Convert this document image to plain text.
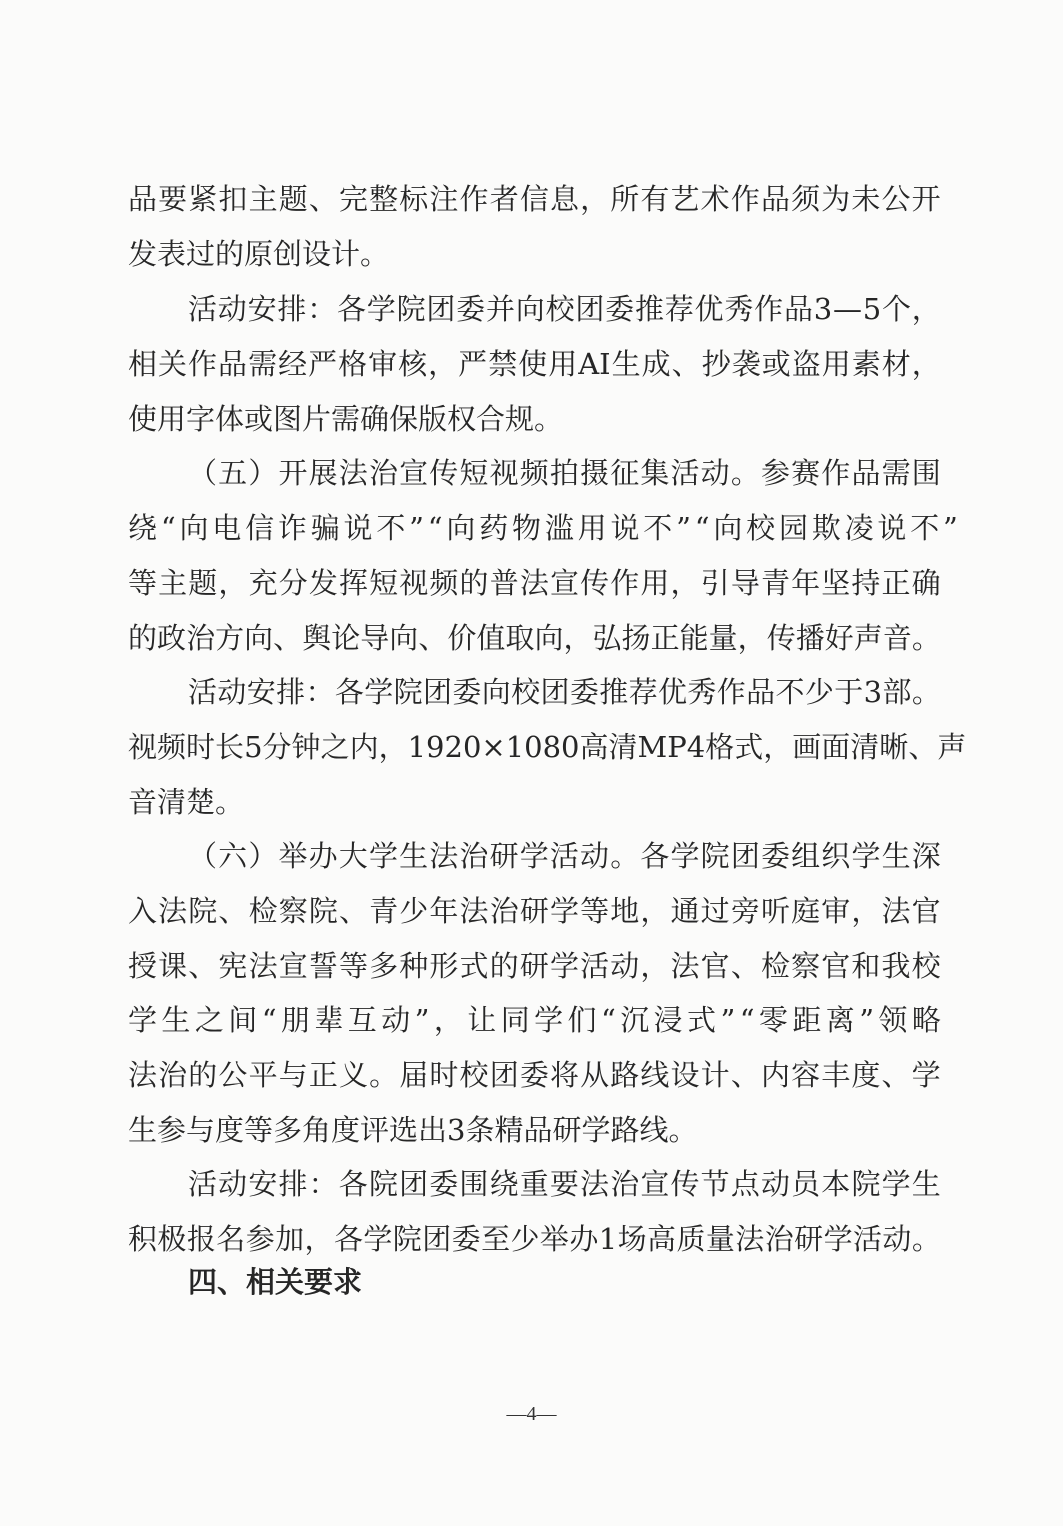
品 要 紧 扣 主 题 、 完 整 标 注 作 者 信 息 ， 所 有 艺 术 作 品 须 为 未 公 开
发表过的原创设计。
活 动 安 排 ： 各 学 院 团 委 并 向 校 团 委 推 荐 优 秀 作 品 3 — 5 个 ，
相 关 作 品 需 经 严 格 审 核 ， 严 禁 使 用 AI 生 成 、 抄 袭 或 盗 用 素 材 ，
使用字体或图片需确保版权合规。
（ 五 ） 开 展 法 治 宣 传 短 视 频 拍 摄 征 集 活 动 。 参 赛 作 品 需 围
绕 “ 向 电 信 诈 骗 说 不 ” “ 向 药 物 滥 用 说 不 ” “ 向 校 园 欺 凌 说 不 ”
等 主 题 ， 充 分 发 挥 短 视 频 的 普 法 宣 传 作 用 ， 引 导 青 年 坚 持 正 确
的 政 治 方 向 、 舆 论 导 向 、 价 值 取 向 ， 弘 扬 正 能 量 ， 传 播 好 声 音 。
活 动 安 排 ： 各 学 院 团 委 向 校 团 委 推 荐 优 秀 作 品 不 少 于 3 部 。
视 频 时 长 5 分 钟 之 内 ， 1920×1080 高 清 MP4 格 式 ， 画 面 清 晰 、 声
音清楚。
（ 六 ） 举 办 大 学 生 法 治 研 学 活 动 。 各 学 院 团 委 组 织 学 生 深
入 法 院 、 检 察 院 、 青 少 年 法 治 研 学 等 地 ， 通 过 旁 听 庭 审 ， 法 官
授 课 、 宪 法 宣 誓 等 多 种 形 式 的 研 学 活 动 ， 法 官 、 检 察 官 和 我 校
学 生 之 间 “ 朋 辈 互 动 ” ， 让 同 学 们 “ 沉 浸 式 ” “ 零 距 离 ” 领 略
法 治 的 公 平 与 正 义 。 届 时 校 团 委 将 从 路 线 设 计 、 内 容 丰 度 、 学
生参与度等多角度评选出3条精品研学路线。
活 动 安 排 ： 各 院 团 委 围 绕 重 要 法 治 宣 传 节 点 动 员 本 院 学 生
积 极 报 名 参 加 ， 各 学 院 团 委 至 少 举 办 1 场 高 质 量 法 治 研 学 活 动 。
四、相关要求
—4—
